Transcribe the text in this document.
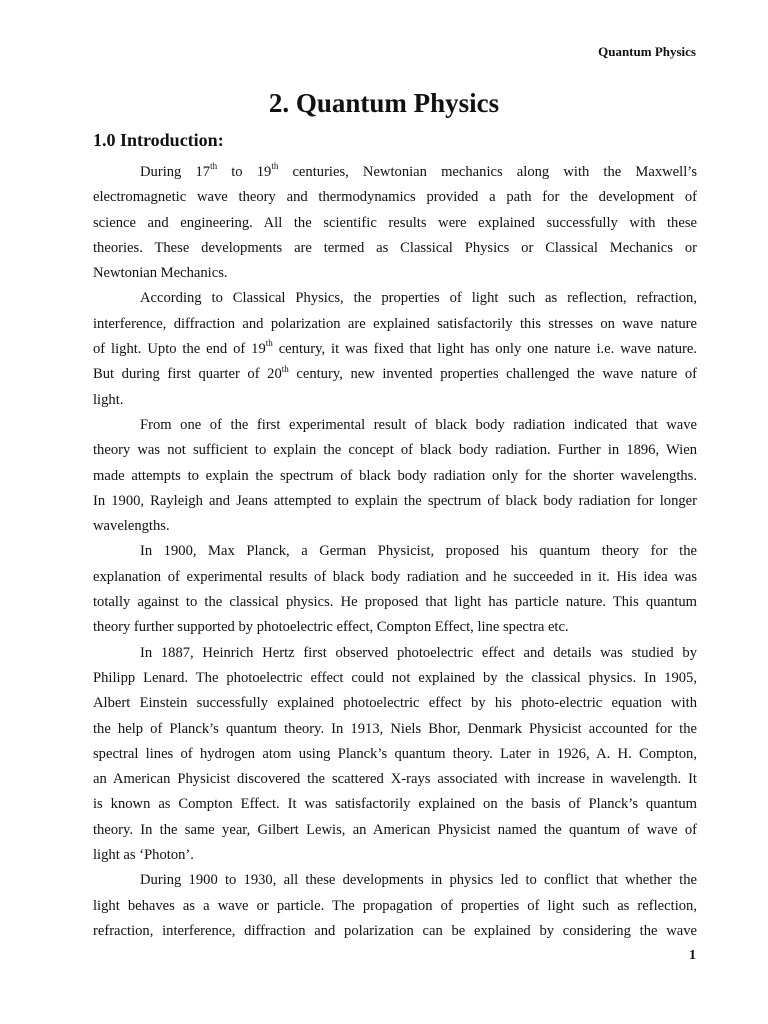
Quantum Physics
2. Quantum Physics
1.0 Introduction:
During 17th to 19th centuries, Newtonian mechanics along with the Maxwell’s
electromagnetic wave theory and thermodynamics provided a path for the development of
science and engineering. All the scientific results were explained successfully with these
theories. These developments are termed as Classical Physics or Classical Mechanics or
Newtonian Mechanics.
According to Classical Physics, the properties of light such as reflection, refraction,
interference, diffraction and polarization are explained satisfactorily this stresses on wave nature
of light. Upto the end of 19th century, it was fixed that light has only one nature i.e. wave nature.
But during first quarter of 20th century, new invented properties challenged the wave nature of
light.
From one of the first experimental result of black body radiation indicated that wave
theory was not sufficient to explain the concept of black body radiation. Further in 1896, Wien
made attempts to explain the spectrum of black body radiation only for the shorter wavelengths.
In 1900, Rayleigh and Jeans attempted to explain the spectrum of black body radiation for longer
wavelengths.
In 1900, Max Planck, a German Physicist, proposed his quantum theory for the
explanation of experimental results of black body radiation and he succeeded in it. His idea was
totally against to the classical physics. He proposed that light has particle nature. This quantum
theory further supported by photoelectric effect, Compton Effect, line spectra etc.
In 1887, Heinrich Hertz first observed photoelectric effect and details was studied by
Philipp Lenard. The photoelectric effect could not explained by the classical physics. In 1905,
Albert Einstein successfully explained photoelectric effect by his photo-electric equation with
the help of Planck’s quantum theory. In 1913, Niels Bhor, Denmark Physicist accounted for the
spectral lines of hydrogen atom using Planck’s quantum theory. Later in 1926, A. H. Compton,
an American Physicist discovered the scattered X-rays associated with increase in wavelength. It
is known as Compton Effect. It was satisfactorily explained on the basis of Planck’s quantum
theory. In the same year, Gilbert Lewis, an American Physicist named the quantum of wave of
light as ‘Photon’.
During 1900 to 1930, all these developments in physics led to conflict that whether the
light behaves as a wave or particle. The propagation of properties of light such as reflection,
refraction, interference, diffraction and polarization can be explained by considering the wave
1
